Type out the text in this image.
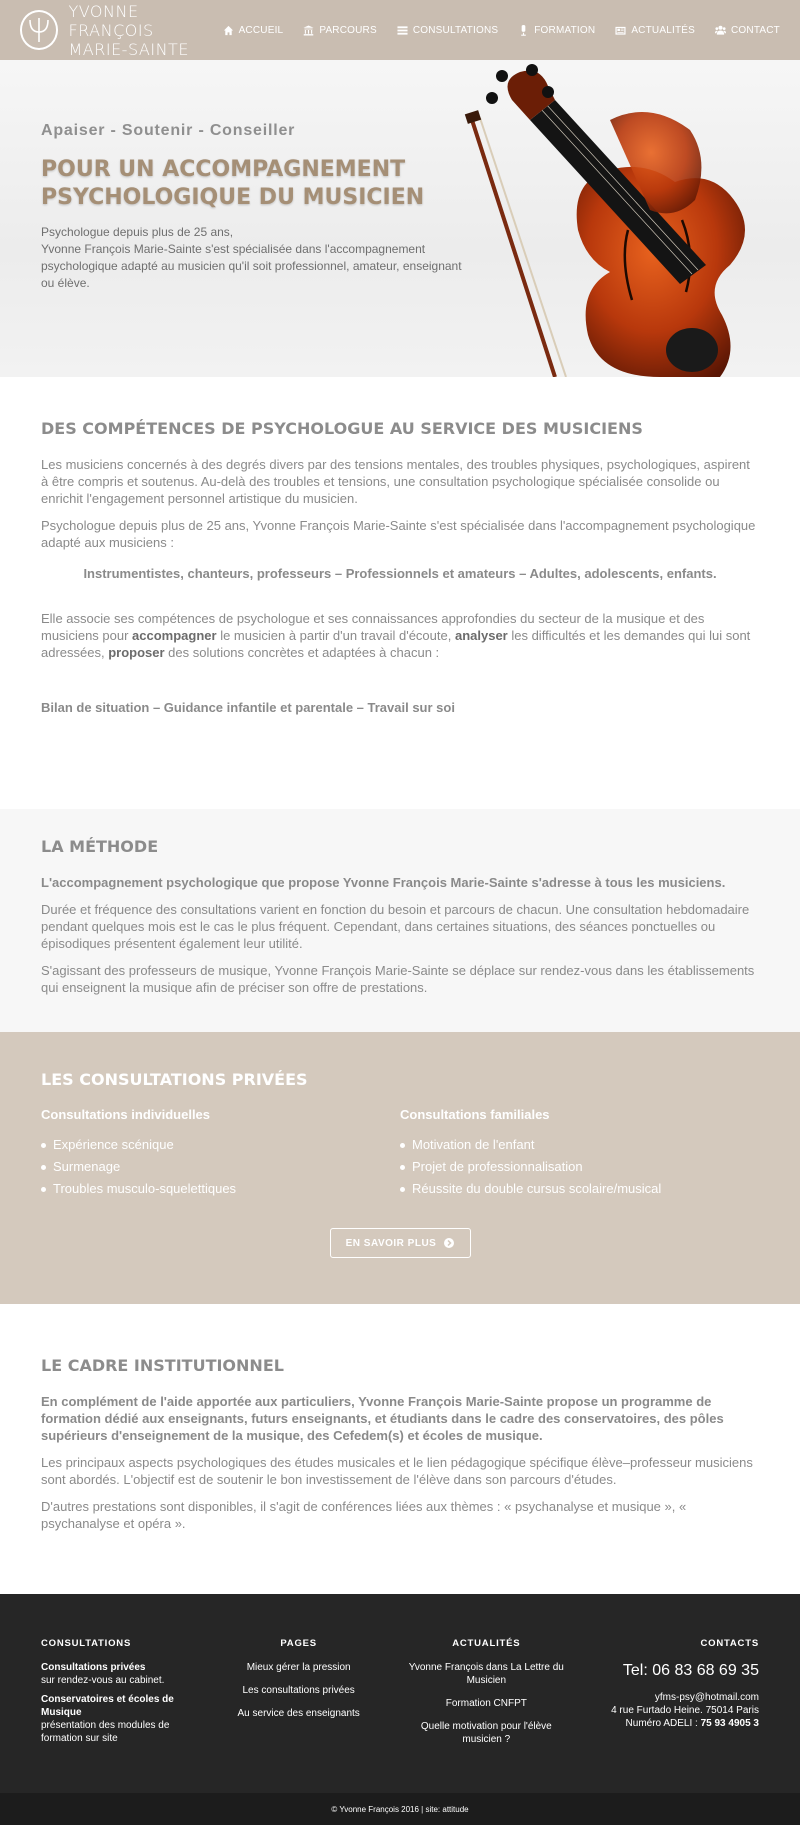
YVONNE FRANÇOIS
MARIE-SAINTE
ACCUEIL	PARCOURS	CONSULTATIONS	FORMATION	ACTUALITÉS	CONTACT
Apaiser - Soutenir - Conseiller
POUR UN ACCOMPAGNEMENT
PSYCHOLOGIQUE DU MUSICIEN

Psychologue depuis plus de 25 ans,
Yvonne François Marie-Sainte s'est spécialisée dans l'accompagnement psychologique adapté au musicien qu'il soit professionnel, amateur, enseignant ou élève.

DES COMPÉTENCES DE PSYCHOLOGUE AU SERVICE DES MUSICIENS

Les musiciens concernés à des degrés divers par des tensions mentales, des troubles physiques, psychologiques, aspirent à être compris et soutenus. Au-delà des troubles et tensions, une consultation psychologique spécialisée consolide ou enrichit l'engagement personnel artistique du musicien.

Psychologue depuis plus de 25 ans, Yvonne François Marie-Sainte s'est spécialisée dans l'accompagnement psychologique adapté aux musiciens :

Instrumentistes, chanteurs, professeurs – Professionnels et amateurs – Adultes, adolescents, enfants.

Elle associe ses compétences de psychologue et ses connaissances approfondies du secteur de la musique et des musiciens pour accompagner le musicien à partir d'un travail d'écoute, analyser les difficultés et les demandes qui lui sont adressées, proposer des solutions concrètes et adaptées à chacun :

Bilan de situation – Guidance infantile et parentale – Travail sur soi

LA MÉTHODE

L'accompagnement psychologique que propose Yvonne François Marie-Sainte s'adresse à tous les musiciens.

Durée et fréquence des consultations varient en fonction du besoin et parcours de chacun. Une consultation hebdomadaire pendant quelques mois est le cas le plus fréquent. Cependant, dans certaines situations, des séances ponctuelles ou épisodiques présentent également leur utilité.

S'agissant des professeurs de musique, Yvonne François Marie-Sainte se déplace sur rendez-vous dans les établissements qui enseignent la musique afin de préciser son offre de prestations.

LES CONSULTATIONS PRIVÉES
Consultations individuelles
Expérience scénique
Surmenage
Troubles musculo-squelettiques
Consultations familiales
Motivation de l'enfant
Projet de professionnalisation
Réussite du double cursus scolaire/musical
EN SAVOIR PLUS
LE CADRE INSTITUTIONNEL

En complément de l'aide apportée aux particuliers, Yvonne François Marie-Sainte propose un programme de formation dédié aux enseignants, futurs enseignants, et étudiants dans le cadre des conservatoires, des pôles supérieurs d'enseignement de la musique, des Cefedem(s) et écoles de musique.

Les principaux aspects psychologiques des études musicales et le lien pédagogique spécifique élève–professeur musiciens sont abordés. L'objectif est de soutenir le bon investissement de l'élève dans son parcours d'études.

D'autres prestations sont disponibles, il s'agit de conférences liées aux thèmes : « psychanalyse et musique », « psychanalyse et opéra ».

CONSULTATIONS
Consultations privées

sur rendez-vous au cabinet.

Conservatoires et écoles de Musique

présentation des modules de formation sur site

PAGES
Mieux gérer la pression
Les consultations privées
Au service des enseignants
ACTUALITÉS
Yvonne François dans La Lettre du Musicien
Formation CNFPT
Quelle motivation pour l'élève musicien ?
CONTACTS

Tel: 06 83 68 69 35

yfms-psy@hotmail.com

4 rue Furtado Heine. 75014 Paris

Numéro ADELI : 75 93 4905 3

© Yvonne François 2016 | site: attitude
